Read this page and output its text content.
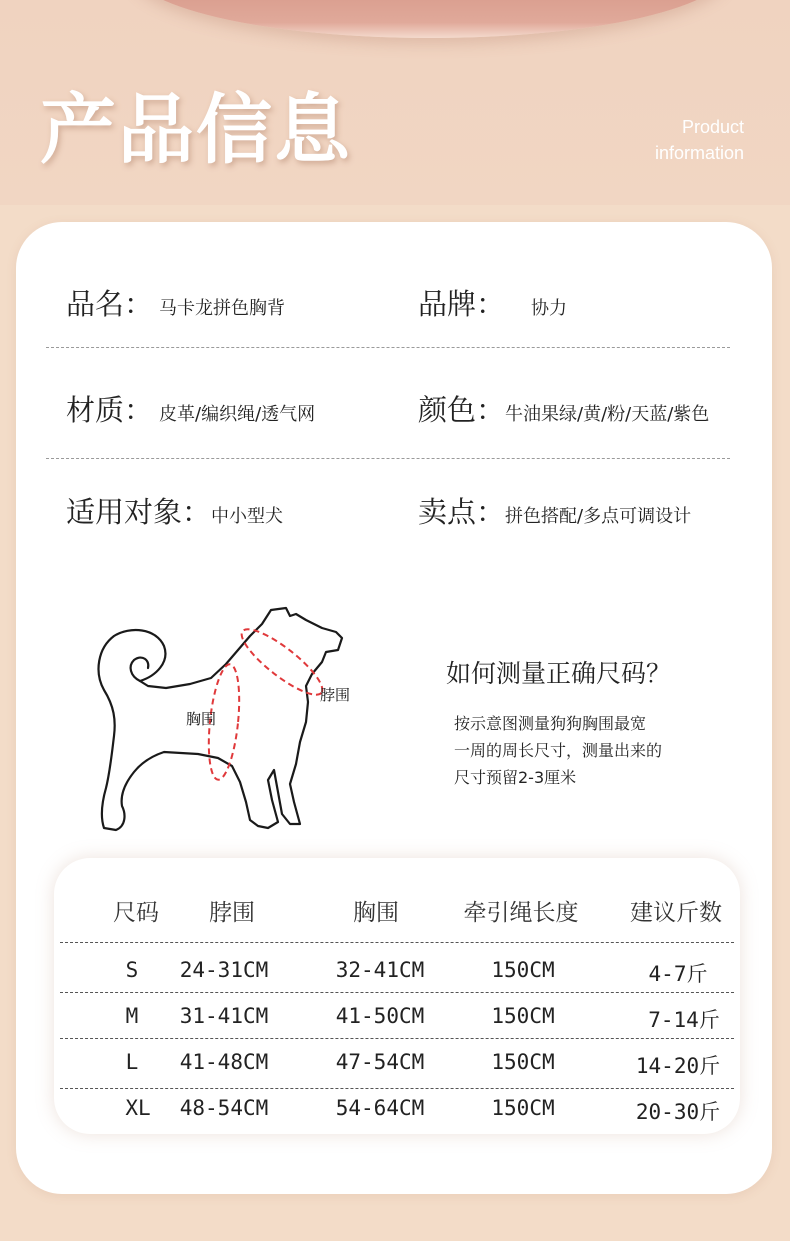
产品信息	Product
information
品名： 马卡龙拼色胸背	品牌： 协力
材质： 皮革/编织绳/透气网	颜色： 牛油果绿/黄/粉/天蓝/紫色
适用对象： 中小型犬	卖点： 拼色搭配/多点可调设计
脖围
胸围
如何测量正确尺码？
按示意图测量狗狗胸围最宽
一周的周长尺寸，测量出来的
尺寸预留2-3厘米
尺码 脖围	胸围	牵引绳长度 建议斤数
S 24-31CM	32-41CM	150CM	4-7斤
M 31-41CM	41-50CM	150CM	7-14斤
L 41-48CM	47-54CM	150CM	14-20斤
XL 48-54CM	54-64CM	150CM	20-30斤
